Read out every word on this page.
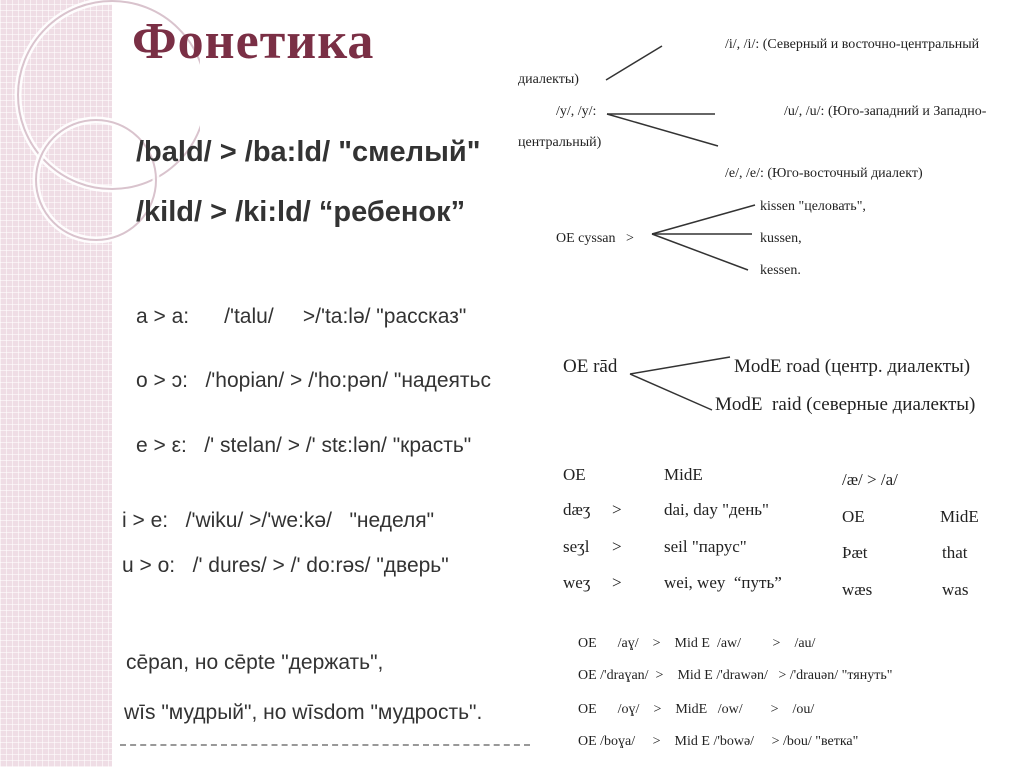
Фонетика
/bald/ > /ba:ld/ "смелый"
/kild/ > /ki:ld/ “ребенок”
a > a:      /'talu/     >/'ta:lə/ "рассказ"
o > ɔ:   /'hopian/ > /'ho:pən/ "надеятьс
e > ε:   /' stelan/ > /' stε:lən/ "красть"
i > e:   /'wiku/ >/'we:kə/   "неделя"
u > o:   /' dures/ > /' do:rəs/ "дверь"
cēpan, но cēpte "держать",
wīs "мудрый", но wīsdom "мудрость".
/i/, /i/: (Северный и восточно-центральный
диалекты)
/y/, /y/:	/u/, /u/: (Юго-западний и Западно-
центральный)
/e/, /e/: (Юго-восточный диалект)
OE cyssan   >
kissen "целовать",
kussen,
kessen.
OE rād	ModE road (центр. диалекты)
ModE  raid (северные диалекты)
OE	MidE
dæʒ > dai, day "день"
seʒl > seil "парус"
weʒ > wei, wey  “путь”
/æ/ > /a/
OE	MidE
Þæt	that
wæs	was
OE      /aɣ/    >    Mid E  /aw/         >    /au/
OE /'draɣan/  >    Mid E /'drawən/   > /'drauən/ "тянуть"
OE      /oɣ/    >    MidE   /ow/        >    /ou/
OE /boɣa/     >    Mid E /'bowə/     > /bou/ "ветка"
